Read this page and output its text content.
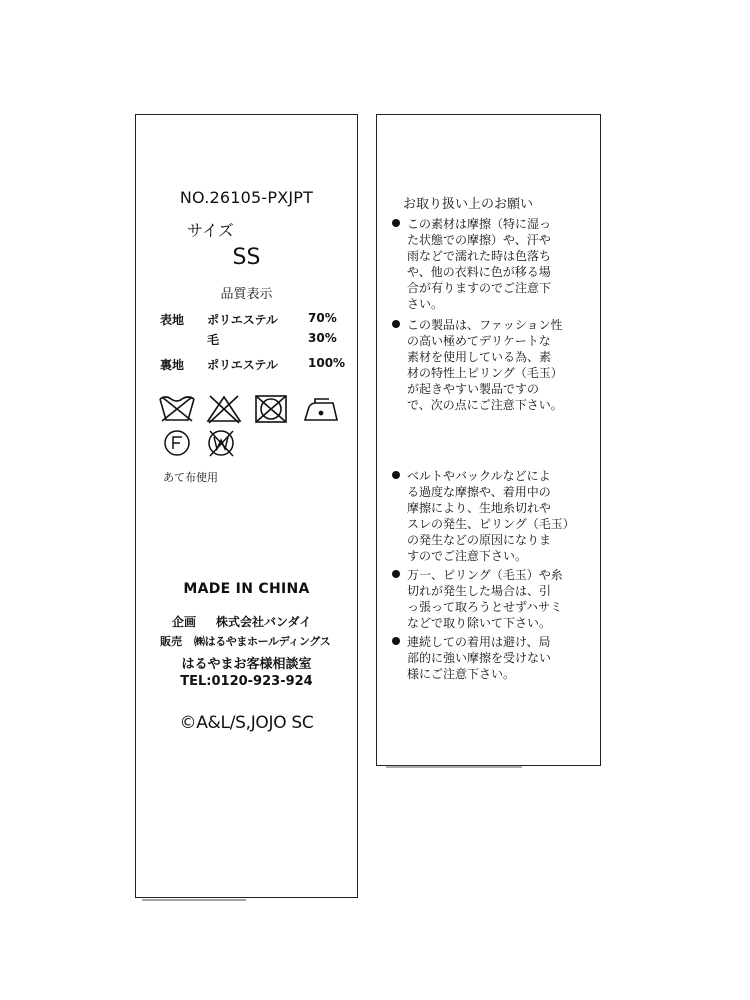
NO.26105-PXJPT
サイズ
SS
品質表示
表地 ポリエステル	70%
毛	30%
裏地 ポリエステル	100%
あて布使用
MADE IN CHINA
企画 株式会社バンダイ
販売 ㈱はるやまホールディングス
はるやまお客様相談室
TEL:0120-923-924
©A&L/S,JOJO SC
お取り扱い上のお願い
この素材は摩擦（特に湿っ
た状態での摩擦）や、汗や
雨などで濡れた時は色落ち
や、他の衣料に色が移る場
合が有りますのでご注意下
さい。
この製品は、ファッション性
の高い極めてデリケートな
素材を使用している為、素
材の特性上ピリング（毛玉）
が起きやすい製品ですの
で、次の点にご注意下さい。
ベルトやバックルなどによ
る過度な摩擦や、着用中の
摩擦により、生地糸切れや
スレの発生、ピリング（毛玉）
の発生などの原因になりま
すのでご注意下さい。
万一、ピリング（毛玉）や糸
切れが発生した場合は、引
っ張って取ろうとせずハサミ
などで取り除いて下さい。
連続しての着用は避け、局
部的に強い摩擦を受けない
様にご注意下さい。
